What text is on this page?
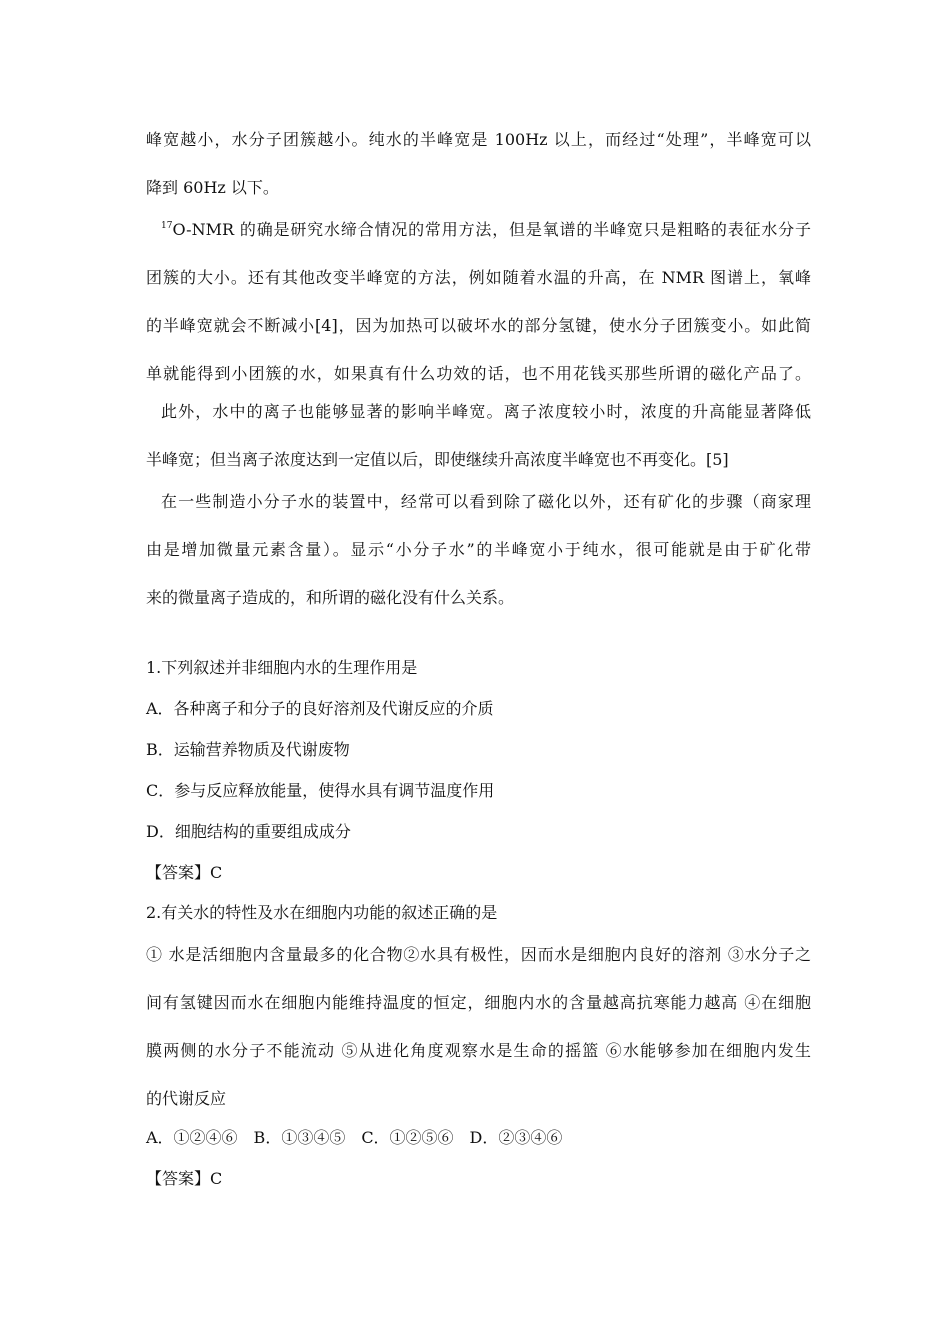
峰宽越小，水分子团簇越小。纯水的半峰宽是 100Hz 以上，而经过“处理”，半峰宽可以
降到 60Hz 以下。
$^{17}$O-NMR 的确是研究水缔合情况的常用方法，但是氧谱的半峰宽只是粗略的表征水分子
团簇的大小。还有其他改变半峰宽的方法，例如随着水温的升高，在 NMR 图谱上，氧峰
的半峰宽就会不断减小[4]，因为加热可以破坏水的部分氢键，使水分子团簇变小。如此简
单就能得到小团簇的水，如果真有什么功效的话，也不用花钱买那些所谓的磁化产品了。
此外，水中的离子也能够显著的影响半峰宽。离子浓度较小时，浓度的升高能显著降低
半峰宽；但当离子浓度达到一定值以后，即使继续升高浓度半峰宽也不再变化。[5]
在一些制造小分子水的装置中，经常可以看到除了磁化以外，还有矿化的步骤（商家理
由是增加微量元素含量）。显示“小分子水”的半峰宽小于纯水，很可能就是由于矿化带
来的微量离子造成的，和所谓的磁化没有什么关系。
1.下列叙述并非细胞内水的生理作用是
A．各种离子和分子的良好溶剂及代谢反应的介质
B．运输营养物质及代谢废物
C．参与反应释放能量，使得水具有调节温度作用
D．细胞结构的重要组成成分
【答案】C
2.有关水的特性及水在细胞内功能的叙述正确的是
① 水是活细胞内含量最多的化合物②水具有极性，因而水是细胞内良好的溶剂 ③水分子之
间有氢键因而水在细胞内能维持温度的恒定，细胞内水的含量越高抗寒能力越高 ④在细胞
膜两侧的水分子不能流动 ⑤从进化角度观察水是生命的摇篮 ⑥水能够参加在细胞内发生
的代谢反应
A．①②④⑥　B．①③④⑤　C．①②⑤⑥　D．②③④⑥
【答案】C
